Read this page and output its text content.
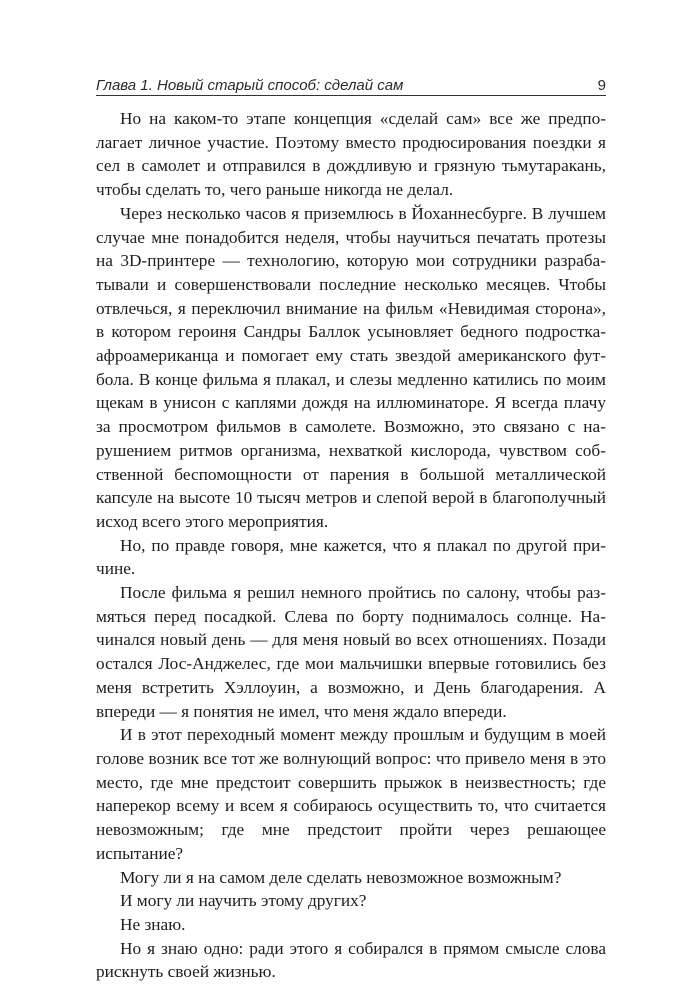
Глава 1. Новый старый способ: сделай сам	9

Но на каком-то этапе концепция «сделай сам» все же предполагает личное участие. Поэтому вместо продюсирования поездки я сел в самолет и отправился в дождливую и грязную тьмутаракань, чтобы сделать то, чего раньше никогда не делал.

Через несколько часов я приземлюсь в Йоханнесбурге. В лучшем случае мне понадобится неделя, чтобы научиться печатать протезы на 3D-принтере — технологию, которую мои сотрудники разрабатывали и совершенствовали последние несколько месяцев. Чтобы отвлечься, я переключил внимание на фильм «Невидимая сторона», в котором героиня Сандры Баллок усыновляет бедного подростка-афроамериканца и помогает ему стать звездой американского футбола. В конце фильма я плакал, и слезы медленно катились по моим щекам в унисон с каплями дождя на иллюминаторе. Я всегда плачу за просмотром фильмов в самолете. Возможно, это связано с нарушением ритмов организма, нехваткой кислорода, чувством собственной беспомощности от парения в большой металлической капсуле на высоте 10 тысяч метров и слепой верой в благополучный исход всего этого мероприятия.

Но, по правде говоря, мне кажется, что я плакал по другой причине.

После фильма я решил немного пройтись по салону, чтобы размяться перед посадкой. Слева по борту поднималось солнце. Начинался новый день — для меня новый во всех отношениях. Позади остался Лос-Анджелес, где мои мальчишки впервые готовились без меня встретить Хэллоуин, а возможно, и День благодарения. А впереди — я понятия не имел, что меня ждало впереди.

И в этот переходный момент между прошлым и будущим в моей голове возник все тот же волнующий вопрос: что привело меня в это место, где мне предстоит совершить прыжок в неизвестность; где наперекор всему и всем я собираюсь осуществить то, что считается невозможным; где мне предстоит пройти через решающее испытание?

Могу ли я на самом деле сделать невозможное возможным?

И могу ли научить этому других?

Не знаю.

Но я знаю одно: ради этого я собирался в прямом смысле слова рискнуть своей жизнью.
